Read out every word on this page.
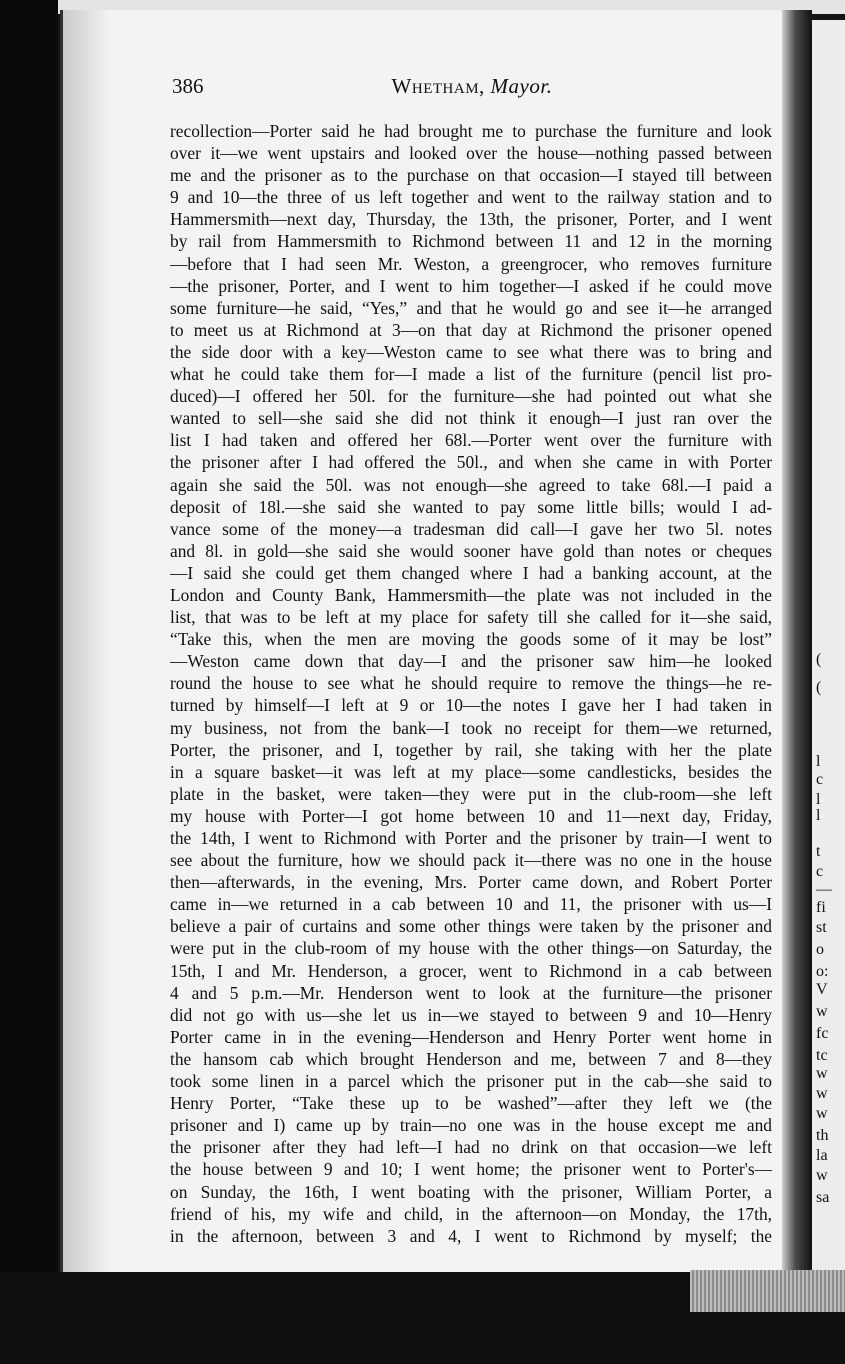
(
(
l
c
l
l
t
c
—
fi
st
o
o:
V
w
fc
tc
w
w
w
th
la
w
sa
386	Whetham, Mayor.
recollection—Porter said he had brought me to purchase the furniture and look
over it—we went upstairs and looked over the house—nothing passed between
me and the prisoner as to the purchase on that occasion—I stayed till between
9 and 10—the three of us left together and went to the railway station and to
Hammersmith—next day, Thursday, the 13th, the prisoner, Porter, and I went
by rail from Hammersmith to Richmond between 11 and 12 in the morning
—before that I had seen Mr. Weston, a greengrocer, who removes furniture
—the prisoner, Porter, and I went to him together—I asked if he could move
some furniture—he said, “Yes,” and that he would go and see it—he arranged
to meet us at Richmond at 3—on that day at Richmond the prisoner opened
the side door with a key—Weston came to see what there was to bring and
what he could take them for—I made a list of the furniture (pencil list pro-
duced)—I offered her 50l. for the furniture—she had pointed out what she
wanted to sell—she said she did not think it enough—I just ran over the
list I had taken and offered her 68l.—Porter went over the furniture with
the prisoner after I had offered the 50l., and when she came in with Porter
again she said the 50l. was not enough—she agreed to take 68l.—I paid a
deposit of 18l.—she said she wanted to pay some little bills; would I ad-
vance some of the money—a tradesman did call—I gave her two 5l. notes
and 8l. in gold—she said she would sooner have gold than notes or cheques
—I said she could get them changed where I had a banking account, at the
London and County Bank, Hammersmith—the plate was not included in the
list, that was to be left at my place for safety till she called for it—she said,
“Take this, when the men are moving the goods some of it may be lost”
—Weston came down that day—I and the prisoner saw him—he looked
round the house to see what he should require to remove the things—he re-
turned by himself—I left at 9 or 10—the notes I gave her I had taken in
my business, not from the bank—I took no receipt for them—we returned,
Porter, the prisoner, and I, together by rail, she taking with her the plate
in a square basket—it was left at my place—some candlesticks, besides the
plate in the basket, were taken—they were put in the club-room—she left
my house with Porter—I got home between 10 and 11—next day, Friday,
the 14th, I went to Richmond with Porter and the prisoner by train—I went to
see about the furniture, how we should pack it—there was no one in the house
then—afterwards, in the evening, Mrs. Porter came down, and Robert Porter
came in—we returned in a cab between 10 and 11, the prisoner with us—I
believe a pair of curtains and some other things were taken by the prisoner and
were put in the club-room of my house with the other things—on Saturday, the
15th, I and Mr. Henderson, a grocer, went to Richmond in a cab between
4 and 5 p.m.—Mr. Henderson went to look at the furniture—the prisoner
did not go with us—she let us in—we stayed to between 9 and 10—Henry
Porter came in in the evening—Henderson and Henry Porter went home in
the hansom cab which brought Henderson and me, between 7 and 8—they
took some linen in a parcel which the prisoner put in the cab—she said to
Henry Porter, “Take these up to be washed”—after they left we (the
prisoner and I) came up by train—no one was in the house except me and
the prisoner after they had left—I had no drink on that occasion—we left
the house between 9 and 10; I went home; the prisoner went to Porter's—
on Sunday, the 16th, I went boating with the prisoner, William Porter, a
friend of his, my wife and child, in the afternoon—on Monday, the 17th,
in the afternoon, between 3 and 4, I went to Richmond by myself; the
